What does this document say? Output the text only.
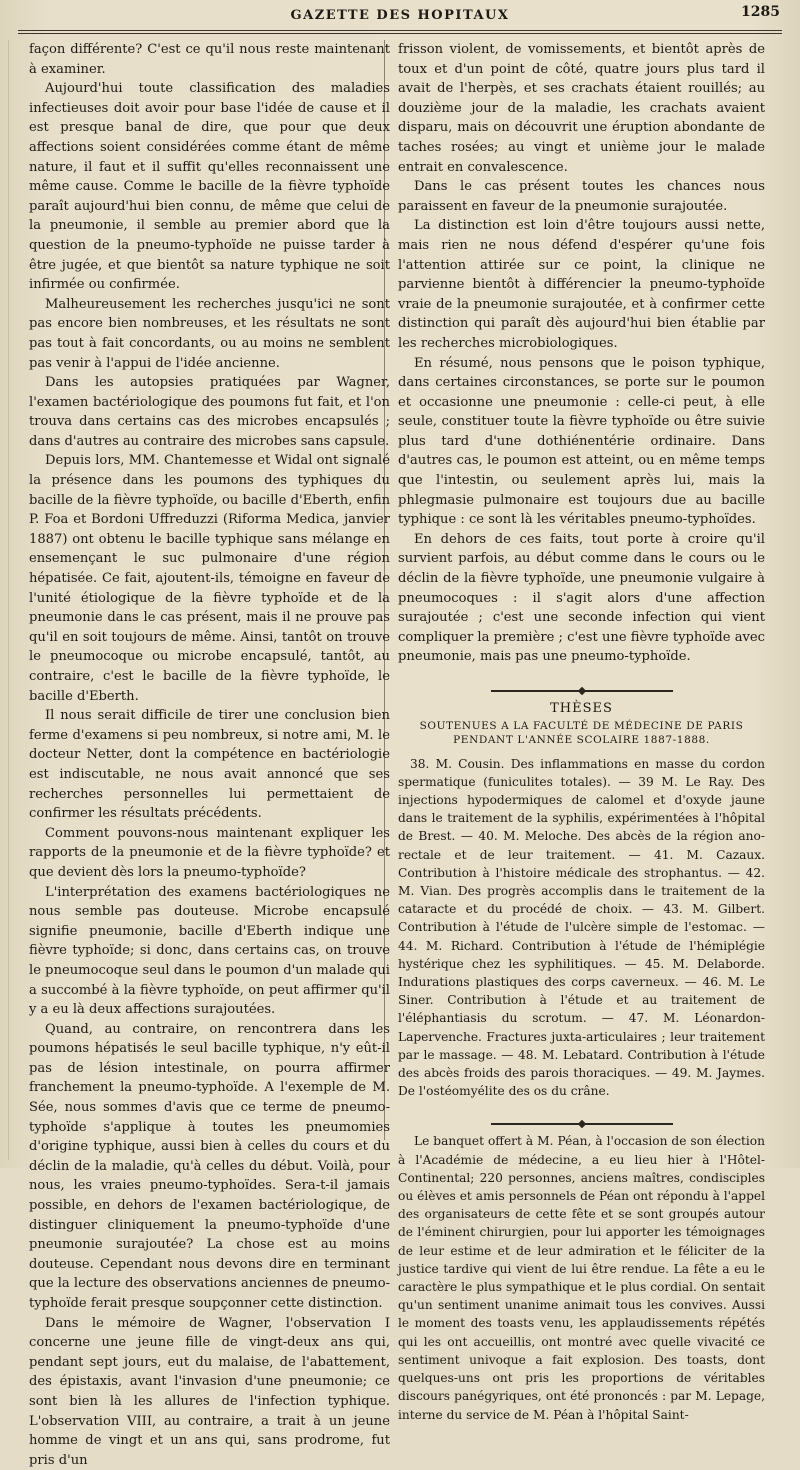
GAZETTE DES HOPITAUX	1285

façon différente? C'est ce qu'il nous reste maintenant à examiner.

Aujourd'hui toute classification des maladies infectieuses doit avoir pour base l'idée de cause et il est presque banal de dire, que pour que deux affections soient considérées comme étant de même nature, il faut et il suffit qu'elles reconnaissent une même cause. Comme le bacille de la fièvre typhoïde paraît aujourd'hui bien connu, de même que celui de la pneumonie, il semble au premier abord que la question de la pneumo-typhoïde ne puisse tarder à être jugée, et que bientôt sa nature typhique ne soit infirmée ou confirmée.

Malheureusement les recherches jusqu'ici ne sont pas encore bien nombreuses, et les résultats ne sont pas tout à fait concordants, ou au moins ne semblent pas venir à l'appui de l'idée ancienne.

Dans les autopsies pratiquées par Wagner, l'examen bactériologique des poumons fut fait, et l'on trouva dans certains cas des microbes encapsulés ; dans d'autres au contraire des microbes sans capsule.

Depuis lors, MM. Chantemesse et Widal ont signalé la présence dans les poumons des typhiques du bacille de la fièvre typhoïde, ou bacille d'Eberth, enfin P. Foa et Bordoni Uffreduzzi (Riforma Medica, janvier 1887) ont obtenu le bacille typhique sans mélange en ensemençant le suc pulmonaire d'une région hépatisée. Ce fait, ajoutent-ils, témoigne en faveur de l'unité étiologique de la fièvre typhoïde et de la pneumonie dans le cas présent, mais il ne prouve pas qu'il en soit toujours de même. Ainsi, tantôt on trouve le pneumocoque ou microbe encapsulé, tantôt, au contraire, c'est le bacille de la fièvre typhoïde, le bacille d'Eberth.

Il nous serait difficile de tirer une conclusion bien ferme d'examens si peu nombreux, si notre ami, M. le docteur Netter, dont la compétence en bactériologie est indiscutable, ne nous avait annoncé que ses recherches personnelles lui permettaient de confirmer les résultats précédents.

Comment pouvons-nous maintenant expliquer les rapports de la pneumonie et de la fièvre typhoïde? et que devient dès lors la pneumo-typhoïde?

L'interprétation des examens bactériologiques ne nous semble pas douteuse. Microbe encapsulé signifie pneumonie, bacille d'Eberth indique une fièvre typhoïde; si donc, dans certains cas, on trouve le pneumocoque seul dans le poumon d'un malade qui a succombé à la fièvre typhoïde, on peut affirmer qu'il y a eu là deux affections surajoutées.

Quand, au contraire, on rencontrera dans les poumons hépatisés le seul bacille typhique, n'y eût-il pas de lésion intestinale, on pourra affirmer franchement la pneumo-typhoïde. A l'exemple de M. Sée, nous sommes d'avis que ce terme de pneumo-typhoïde s'applique à toutes les pneumomies d'origine typhique, aussi bien à celles du cours et du déclin de la maladie, qu'à celles du début. Voilà, pour nous, les vraies pneumo-typhoïdes. Sera-t-il jamais possible, en dehors de l'examen bactériologique, de distinguer cliniquement la pneumo-typhoïde d'une pneumonie surajoutée? La chose est au moins douteuse. Cependant nous devons dire en terminant que la lecture des observations anciennes de pneumo-typhoïde ferait presque soupçonner cette distinction.

Dans le mémoire de Wagner, l'observation I concerne une jeune fille de vingt-deux ans qui, pendant sept jours, eut du malaise, de l'abattement, des épistaxis, avant l'invasion d'une pneumonie; ce sont bien là les allures de l'infection typhique. L'observation VIII, au contraire, a trait à un jeune homme de vingt et un ans qui, sans prodrome, fut pris d'un

frisson violent, de vomissements, et bientôt après de toux et d'un point de côté, quatre jours plus tard il avait de l'herpès, et ses crachats étaient rouillés; au douzième jour de la maladie, les crachats avaient disparu, mais on découvrit une éruption abondante de taches rosées; au vingt et unième jour le malade entrait en convalescence.

Dans le cas présent toutes les chances nous paraissent en faveur de la pneumonie surajoutée.

La distinction est loin d'être toujours aussi nette, mais rien ne nous défend d'espérer qu'une fois l'attention attirée sur ce point, la clinique ne parvienne bientôt à différencier la pneumo-typhoïde vraie de la pneumonie surajoutée, et à confirmer cette distinction qui paraît dès aujourd'hui bien établie par les recherches microbiologiques.

En résumé, nous pensons que le poison typhique, dans certaines circonstances, se porte sur le poumon et occasionne une pneumonie : celle-ci peut, à elle seule, constituer toute la fièvre typhoïde ou être suivie plus tard d'une dothiénentérie ordinaire. Dans d'autres cas, le poumon est atteint, ou en même temps que l'intestin, ou seulement après lui, mais la phlegmasie pulmonaire est toujours due au bacille typhique : ce sont là les véritables pneumo-typhoïdes.

En dehors de ces faits, tout porte à croire qu'il survient parfois, au début comme dans le cours ou le déclin de la fièvre typhoïde, une pneumonie vulgaire à pneumocoques : il s'agit alors d'une affection surajoutée ; c'est une seconde infection qui vient compliquer la première ; c'est une fièvre typhoïde avec pneumonie, mais pas une pneumo-typhoïde.

THÈSES
SOUTENUES A LA FACULTÉ DE MÉDECINE DE PARIS
PENDANT L'ANNÉE SCOLAIRE 1887-1888.

38. M. Cousin. Des inflammations en masse du cordon spermatique (funiculites totales). — 39 M. Le Ray. Des injections hypodermiques de calomel et d'oxyde jaune dans le traitement de la syphilis, expérimentées à l'hôpital de Brest. — 40. M. Meloche. Des abcès de la région ano-rectale et de leur traitement. — 41. M. Cazaux. Contribution à l'histoire médicale des strophantus. — 42. M. Vian. Des progrès accomplis dans le traitement de la cataracte et du procédé de choix. — 43. M. Gilbert. Contribution à l'étude de l'ulcère simple de l'estomac. — 44. M. Richard. Contribution à l'étude de l'hémiplégie hystérique chez les syphilitiques. — 45. M. Delaborde. Indurations plastiques des corps caverneux. — 46. M. Le Siner. Contribution à l'étude et au traitement de l'éléphantiasis du scrotum. — 47. M. Léonardon-Lapervenche. Fractures juxta-articulaires ; leur traitement par le massage. — 48. M. Lebatard. Contribution à l'étude des abcès froids des parois thoraciques. — 49. M. Jaymes. De l'ostéomyélite des os du crâne.

Le banquet offert à M. Péan, à l'occasion de son élection à l'Académie de médecine, a eu lieu hier à l'Hôtel-Continental; 220 personnes, anciens maîtres, condisciples ou élèves et amis personnels de Péan ont répondu à l'appel des organisateurs de cette fête et se sont groupés autour de l'éminent chirurgien, pour lui apporter les témoignages de leur estime et de leur admiration et le féliciter de la justice tardive qui vient de lui être rendue. La fête a eu le caractère le plus sympathique et le plus cordial. On sentait qu'un sentiment unanime animait tous les convives. Aussi le moment des toasts venu, les applaudissements répétés qui les ont accueillis, ont montré avec quelle vivacité ce sentiment univoque a fait explosion. Des toasts, dont quelques-uns ont pris les proportions de véritables discours panégyriques, ont été prononcés : par M. Lepage, interne du service de M. Péan à l'hôpital Saint-
